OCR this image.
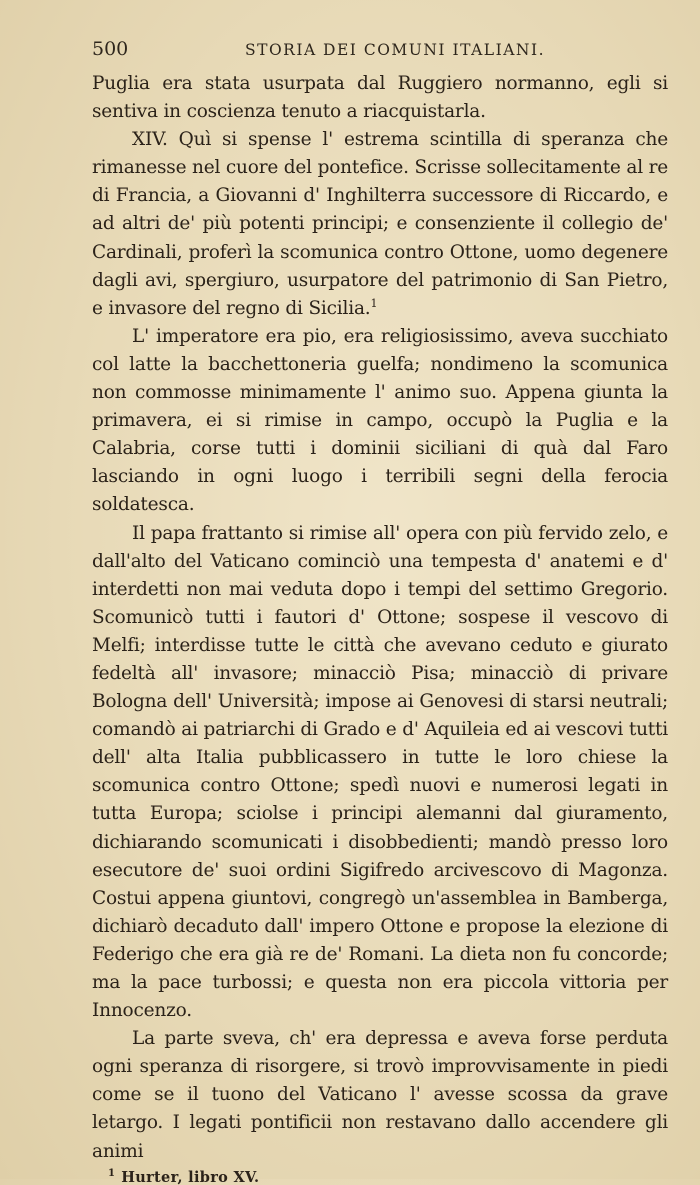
500	STORIA DEI COMUNI ITALIANI.

Puglia era stata usurpata dal Ruggiero normanno, egli si sentiva in coscienza tenuto a riacquistarla.

XIV. Quì si spense l' estrema scintilla di speranza che rimanesse nel cuore del pontefice. Scrisse sollecitamente al re di Francia, a Giovanni d' Inghilterra successore di Riccardo, e ad altri de' più potenti principi; e consenziente il collegio de' Cardinali, proferì la scomunica contro Ottone, uomo degenere dagli avi, spergiuro, usurpatore del patrimonio di San Pietro, e invasore del regno di Sicilia.$^1$

L' imperatore era pio, era religiosissimo, aveva succhiato col latte la bacchettoneria guelfa; nondimeno la scomunica non commosse minimamente l' animo suo. Appena giunta la primavera, ei si rimise in campo, occupò la Puglia e la Calabria, corse tutti i dominii siciliani di quà dal Faro lasciando in ogni luogo i terribili segni della ferocia soldatesca.

Il papa frattanto si rimise all' opera con più fervido zelo, e dall'alto del Vaticano cominciò una tempesta d' anatemi e d' interdetti non mai veduta dopo i tempi del settimo Gregorio. Scomunicò tutti i fautori d' Ottone; sospese il vescovo di Melfi; interdisse tutte le città che avevano ceduto e giurato fedeltà all' invasore; minacciò Pisa; minacciò di privare Bologna dell' Università; impose ai Genovesi di starsi neutrali; comandò ai patriarchi di Grado e d' Aquileia ed ai vescovi tutti dell' alta Italia pubblicassero in tutte le loro chiese la scomunica contro Ottone; spedì nuovi e numerosi legati in tutta Europa; sciolse i principi alemanni dal giuramento, dichiarando scomunicati i disobbedienti; mandò presso loro esecutore de' suoi ordini Sigifredo arcivescovo di Magonza. Costui appena giuntovi, congregò un'assemblea in Bamberga, dichiarò decaduto dall' impero Ottone e propose la elezione di Federigo che era già re de' Romani. La dieta non fu concorde; ma la pace turbossi; e questa non era piccola vittoria per Innocenzo.

La parte sveva, ch' era depressa e aveva forse perduta ogni speranza di risorgere, si trovò improvvisamente in piedi come se il tuono del Vaticano l' avesse scossa da grave letargo. I legati pontificii non restavano dallo accendere gli animi

$^1$ Hurter, libro XV.
